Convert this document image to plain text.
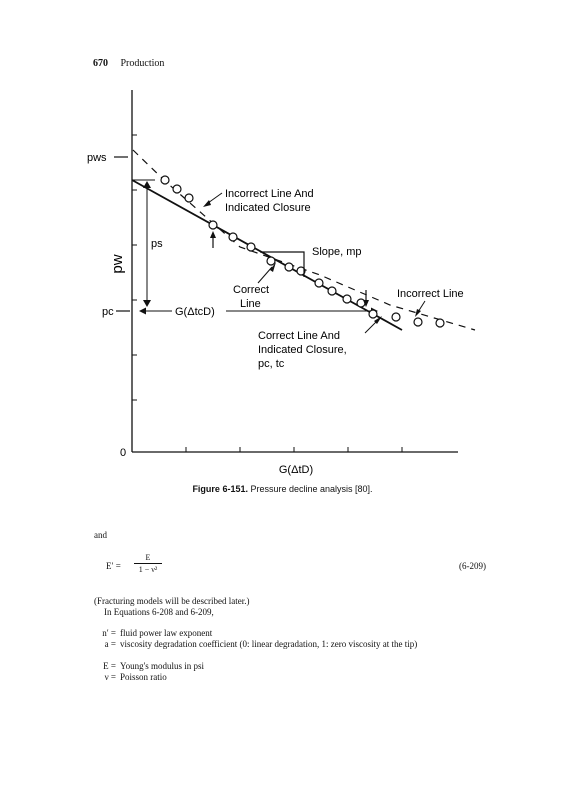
670 Production
0
pw
G(ΔtD)
pws
pc
ps
G(ΔtcD)
Incorrect Line And
Indicated Closure
Slope, mp
Correct
Line
Incorrect Line
Correct Line And
Indicated Closure,
pc, tc
Figure 6-151. Pressure decline analysis [80].
and
$E' = \frac{E}{\text{1 − ν²}}$	(6-209)
(Fracturing models will be described later.)
In Equations 6-208 and 6-209,
n′ = fluid power law exponent
a = viscosity degradation coefficient (0: linear degradation, 1: zero viscosity at the tip)
E = Young's modulus in psi
ν = Poisson ratio
